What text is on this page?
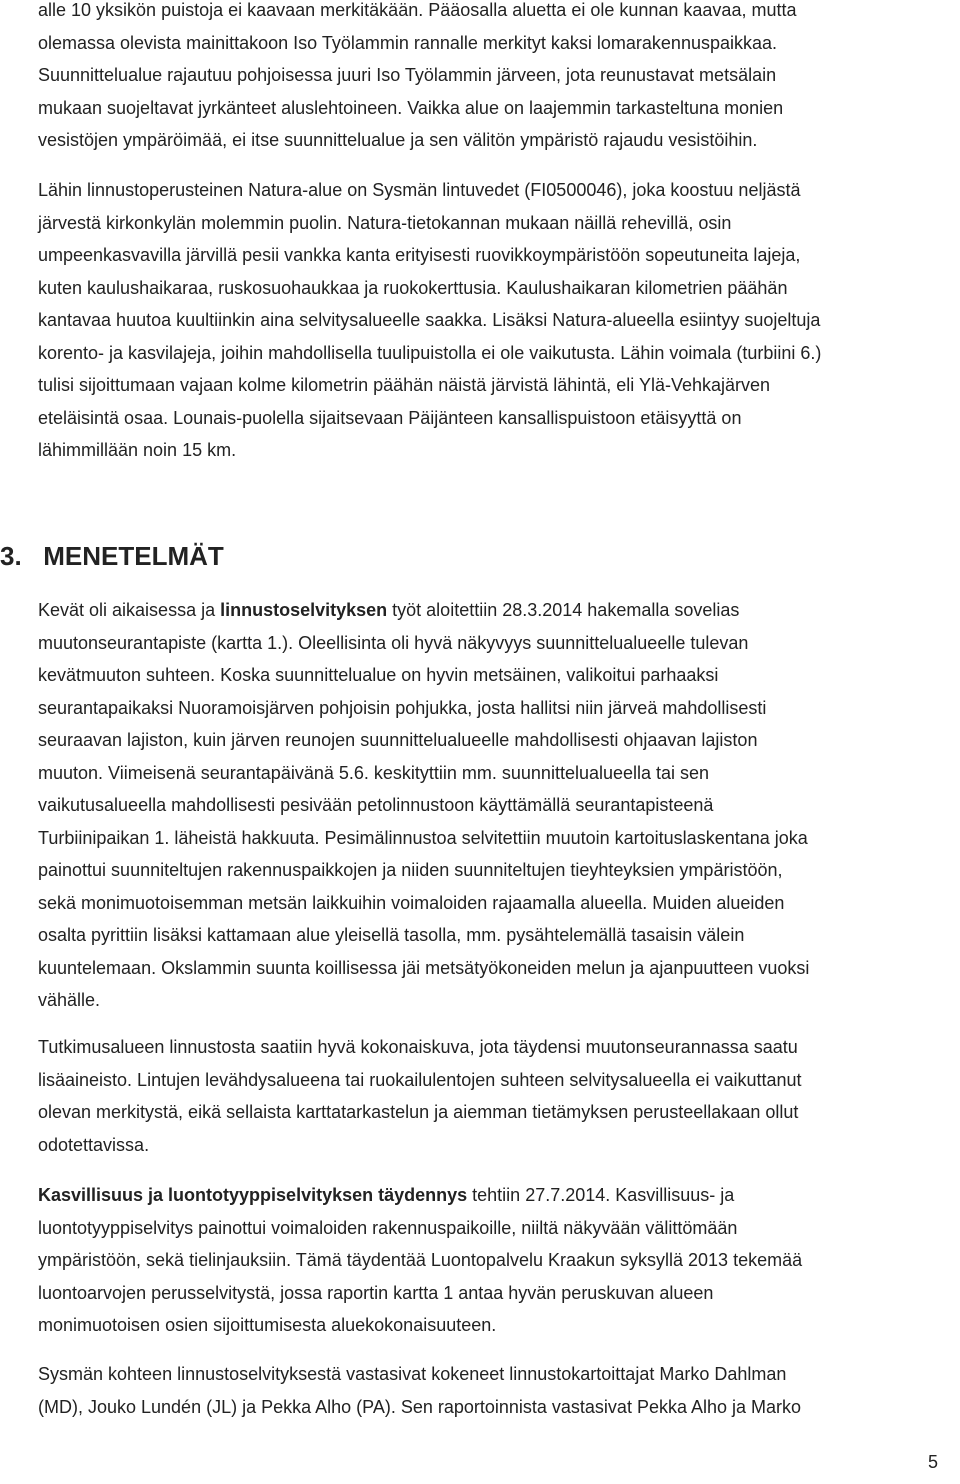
alle 10 yksikön puistoja ei kaavaan merkitäkään. Pääosalla aluetta ei ole kunnan kaavaa, mutta
olemassa olevista mainittakoon Iso Työlammin rannalle merkityt kaksi lomarakennuspaikkaa.
Suunnittelualue rajautuu pohjoisessa juuri Iso Työlammin järveen, jota reunustavat metsälain
mukaan suojeltavat jyrkänteet aluslehtoineen. Vaikka alue on laajemmin tarkasteltuna monien
vesistöjen ympäröimää, ei itse suunnittelualue ja sen välitön ympäristö rajaudu vesistöihin.
Lähin linnustoperusteinen Natura-alue on Sysmän lintuvedet (FI0500046), joka koostuu neljästä
järvestä kirkonkylän molemmin puolin. Natura-tietokannan mukaan näillä rehevillä, osin
umpeenkasvavilla järvillä pesii vankka kanta erityisesti ruovikkoympäristöön sopeutuneita lajeja,
kuten kaulushaikaraa, ruskosuohaukkaa ja ruokokerttusia. Kaulushaikaran kilometrien päähän
kantavaa huutoa kuultiinkin aina selvitysalueelle saakka. Lisäksi Natura-alueella esiintyy suojeltuja
korento- ja kasvilajeja, joihin mahdollisella tuulipuistolla ei ole vaikutusta. Lähin voimala (turbiini 6.)
tulisi sijoittumaan vajaan kolme kilometrin päähän näistä järvistä lähintä, eli Ylä-Vehkajärven
eteläisintä osaa. Lounais-puolella sijaitsevaan Päijänteen kansallispuistoon etäisyyttä on
lähimmillään noin 15 km.
3. MENETELMÄT
Kevät oli aikaisessa ja linnustoselvityksen työt aloitettiin 28.3.2014 hakemalla sovelias
muutonseurantapiste (kartta 1.). Oleellisinta oli hyvä näkyvyys suunnittelualueelle tulevan
kevätmuuton suhteen. Koska suunnittelualue on hyvin metsäinen, valikoitui parhaaksi
seurantapaikaksi Nuoramoisjärven pohjoisin pohjukka, josta hallitsi niin järveä mahdollisesti
seuraavan lajiston, kuin järven reunojen suunnittelualueelle mahdollisesti ohjaavan lajiston
muuton. Viimeisenä seurantapäivänä 5.6. keskityttiin mm. suunnittelualueella tai sen
vaikutusalueella mahdollisesti pesivään petolinnustoon käyttämällä seurantapisteenä
Turbiinipaikan 1. läheistä hakkuuta. Pesimälinnustoa selvitettiin muutoin kartoituslaskentana joka
painottui suunniteltujen rakennuspaikkojen ja niiden suunniteltujen tieyhteyksien ympäristöön,
sekä monimuotoisemman metsän laikkuihin voimaloiden rajaamalla alueella. Muiden alueiden
osalta pyrittiin lisäksi kattamaan alue yleisellä tasolla, mm. pysähtelemällä tasaisin välein
kuuntelemaan. Okslammin suunta koillisessa jäi metsätyökoneiden melun ja ajanpuutteen vuoksi
vähälle.
Tutkimusalueen linnustosta saatiin hyvä kokonaiskuva, jota täydensi muutonseurannassa saatu
lisäaineisto. Lintujen levähdysalueena tai ruokailulentojen suhteen selvitysalueella ei vaikuttanut
olevan merkitystä, eikä sellaista karttatarkastelun ja aiemman tietämyksen perusteellakaan ollut
odotettavissa.
Kasvillisuus ja luontotyyppiselvityksen täydennys tehtiin 27.7.2014. Kasvillisuus- ja
luontotyyppiselvitys painottui voimaloiden rakennuspaikoille, niiltä näkyvään välittömään
ympäristöön, sekä tielinjauksiin. Tämä täydentää Luontopalvelu Kraakun syksyllä 2013 tekemää
luontoarvojen perusselvitystä, jossa raportin kartta 1 antaa hyvän peruskuvan alueen
monimuotoisen osien sijoittumisesta aluekokonaisuuteen.
Sysmän kohteen linnustoselvityksestä vastasivat kokeneet linnustokartoittajat Marko Dahlman
(MD), Jouko Lundén (JL) ja Pekka Alho (PA). Sen raportoinnista vastasivat Pekka Alho ja Marko
5
